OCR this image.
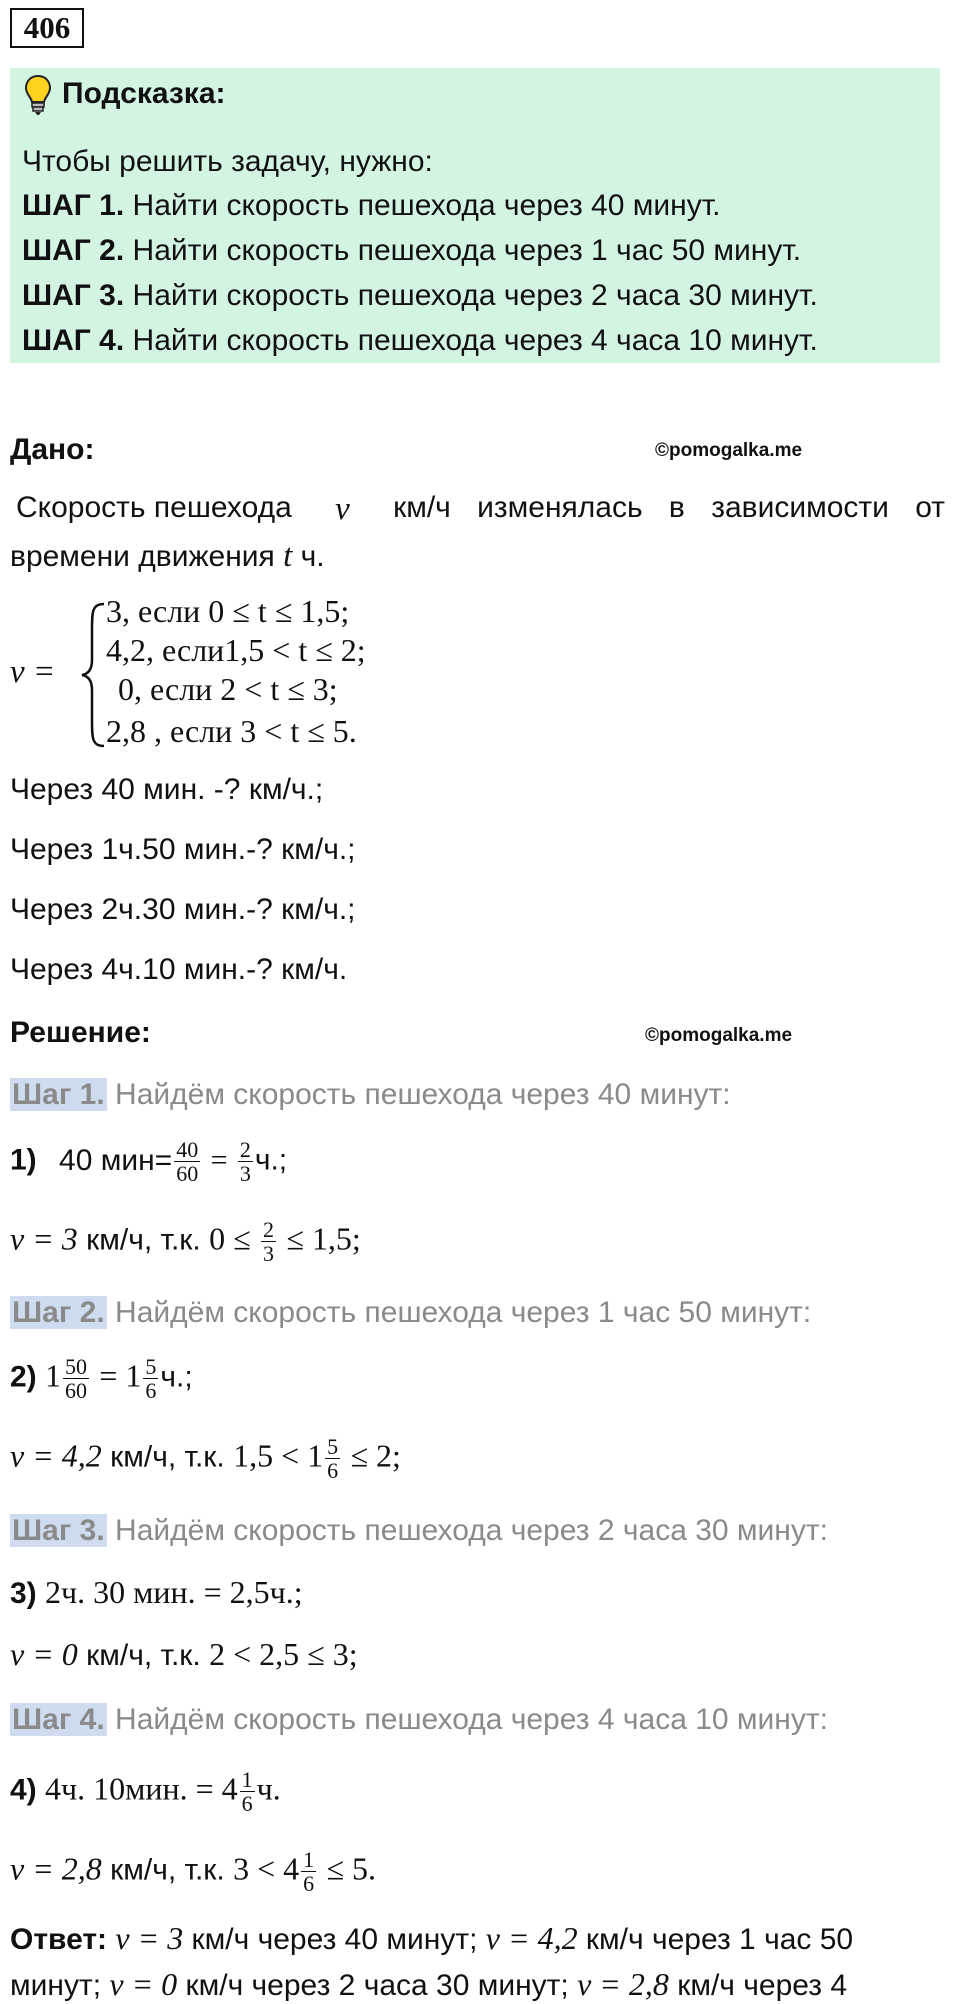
406
Подсказка:
Чтобы решить задачу, нужно:
ШАГ 1. Найти скорость пешехода через 40 минут.
ШАГ 2. Найти скорость пешехода через 1 час 50 минут.
ШАГ 3. Найти скорость пешехода через 2 часа 30 минут.
ШАГ 4. Найти скорость пешехода через 4 часа 10 минут.
Дано:	©pomogalka.me
Скорость пешехода v км/ч изменялась в зависимости от
времени движения t ч.
v =
3, если 0 ≤ t ≤ 1,5;
4,2, если1,5 < t ≤ 2;
0, если 2 < t ≤ 3;
2,8 , если 3 < t ≤ 5.
Через 40 мин. -? км/ч.;
Через 1ч.50 мин.-? км/ч.;
Через 2ч.30 мин.-? км/ч.;
Через 4ч.10 мин.-? км/ч.
Решение:	©pomogalka.me
Шаг 1. Найдём скорость пешехода через 40 минут:
1) 40 $мин= \frac{40}{60} = \frac{2}{3} ч$.;
v = 3 км/ч, т.к. $0 \le \frac{2}{3} \le 1,5$;
Шаг 2. Найдём скорость пешехода через 1 час 50 минут:
2) $1 \frac{50}{60} = 1 \frac{5}{6} ч$.;
v = 4,2 км/ч, т.к. $1,5 < 1 \frac{5}{6} \le 2$;
Шаг 3. Найдём скорость пешехода через 2 часа 30 минут:
3) 2ч. 30 мин. = 2,5ч.;
v = 0 км/ч, т.к. 2 < 2,5 ≤ 3;
Шаг 4. Найдём скорость пешехода через 4 часа 10 минут:
4) 4ч. 10мин. = $4 \frac{1}{6} ч$.
v = 2,8 км/ч, т.к. $3 < 4 \frac{1}{6} \le 5$.
Ответ: v = 3 км/ч через 40 минут; v = 4,2 км/ч через 1 час 50
минут; v = 0 км/ч через 2 часа 30 минут; v = 2,8 км/ч через 4
